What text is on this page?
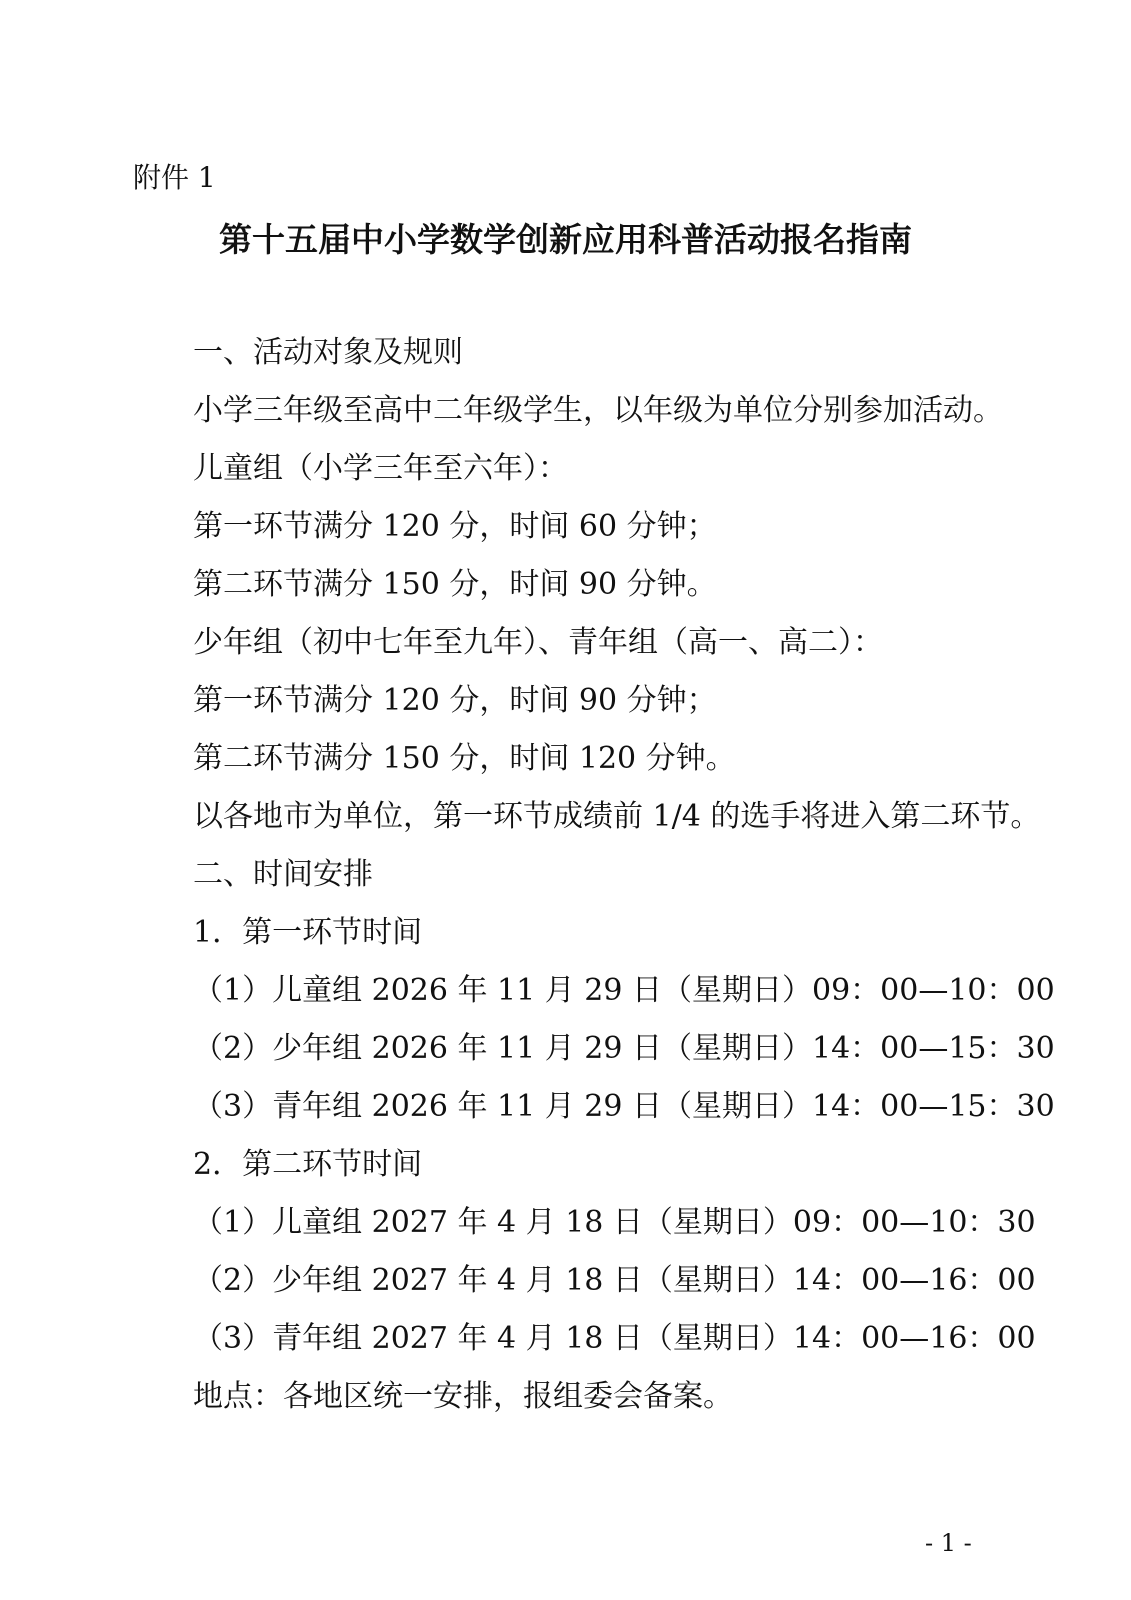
附件 1
第十五届中小学数学创新应用科普活动报名指南
一、活动对象及规则
小学三年级至高中二年级学生，以年级为单位分别参加活动。
儿童组（小学三年至六年）：
第一环节满分 120 分，时间 60 分钟；
第二环节满分 150 分，时间 90 分钟。
少年组（初中七年至九年）、青年组（高一、高二）：
第一环节满分 120 分，时间 90 分钟；
第二环节满分 150 分，时间 120 分钟。
以各地市为单位，第一环节成绩前 1/4 的选手将进入第二环节。
二、时间安排
1．第一环节时间
（1）儿童组 2026 年 11 月 29 日（星期日）09：00—10：00
（2）少年组 2026 年 11 月 29 日（星期日）14：00—15：30
（3）青年组 2026 年 11 月 29 日（星期日）14：00—15：30
2．第二环节时间
（1）儿童组 2027 年 4 月 18 日（星期日）09：00—10：30
（2）少年组 2027 年 4 月 18 日（星期日）14：00—16：00
（3）青年组 2027 年 4 月 18 日（星期日）14：00—16：00
地点：各地区统一安排，报组委会备案。
- 1 -
